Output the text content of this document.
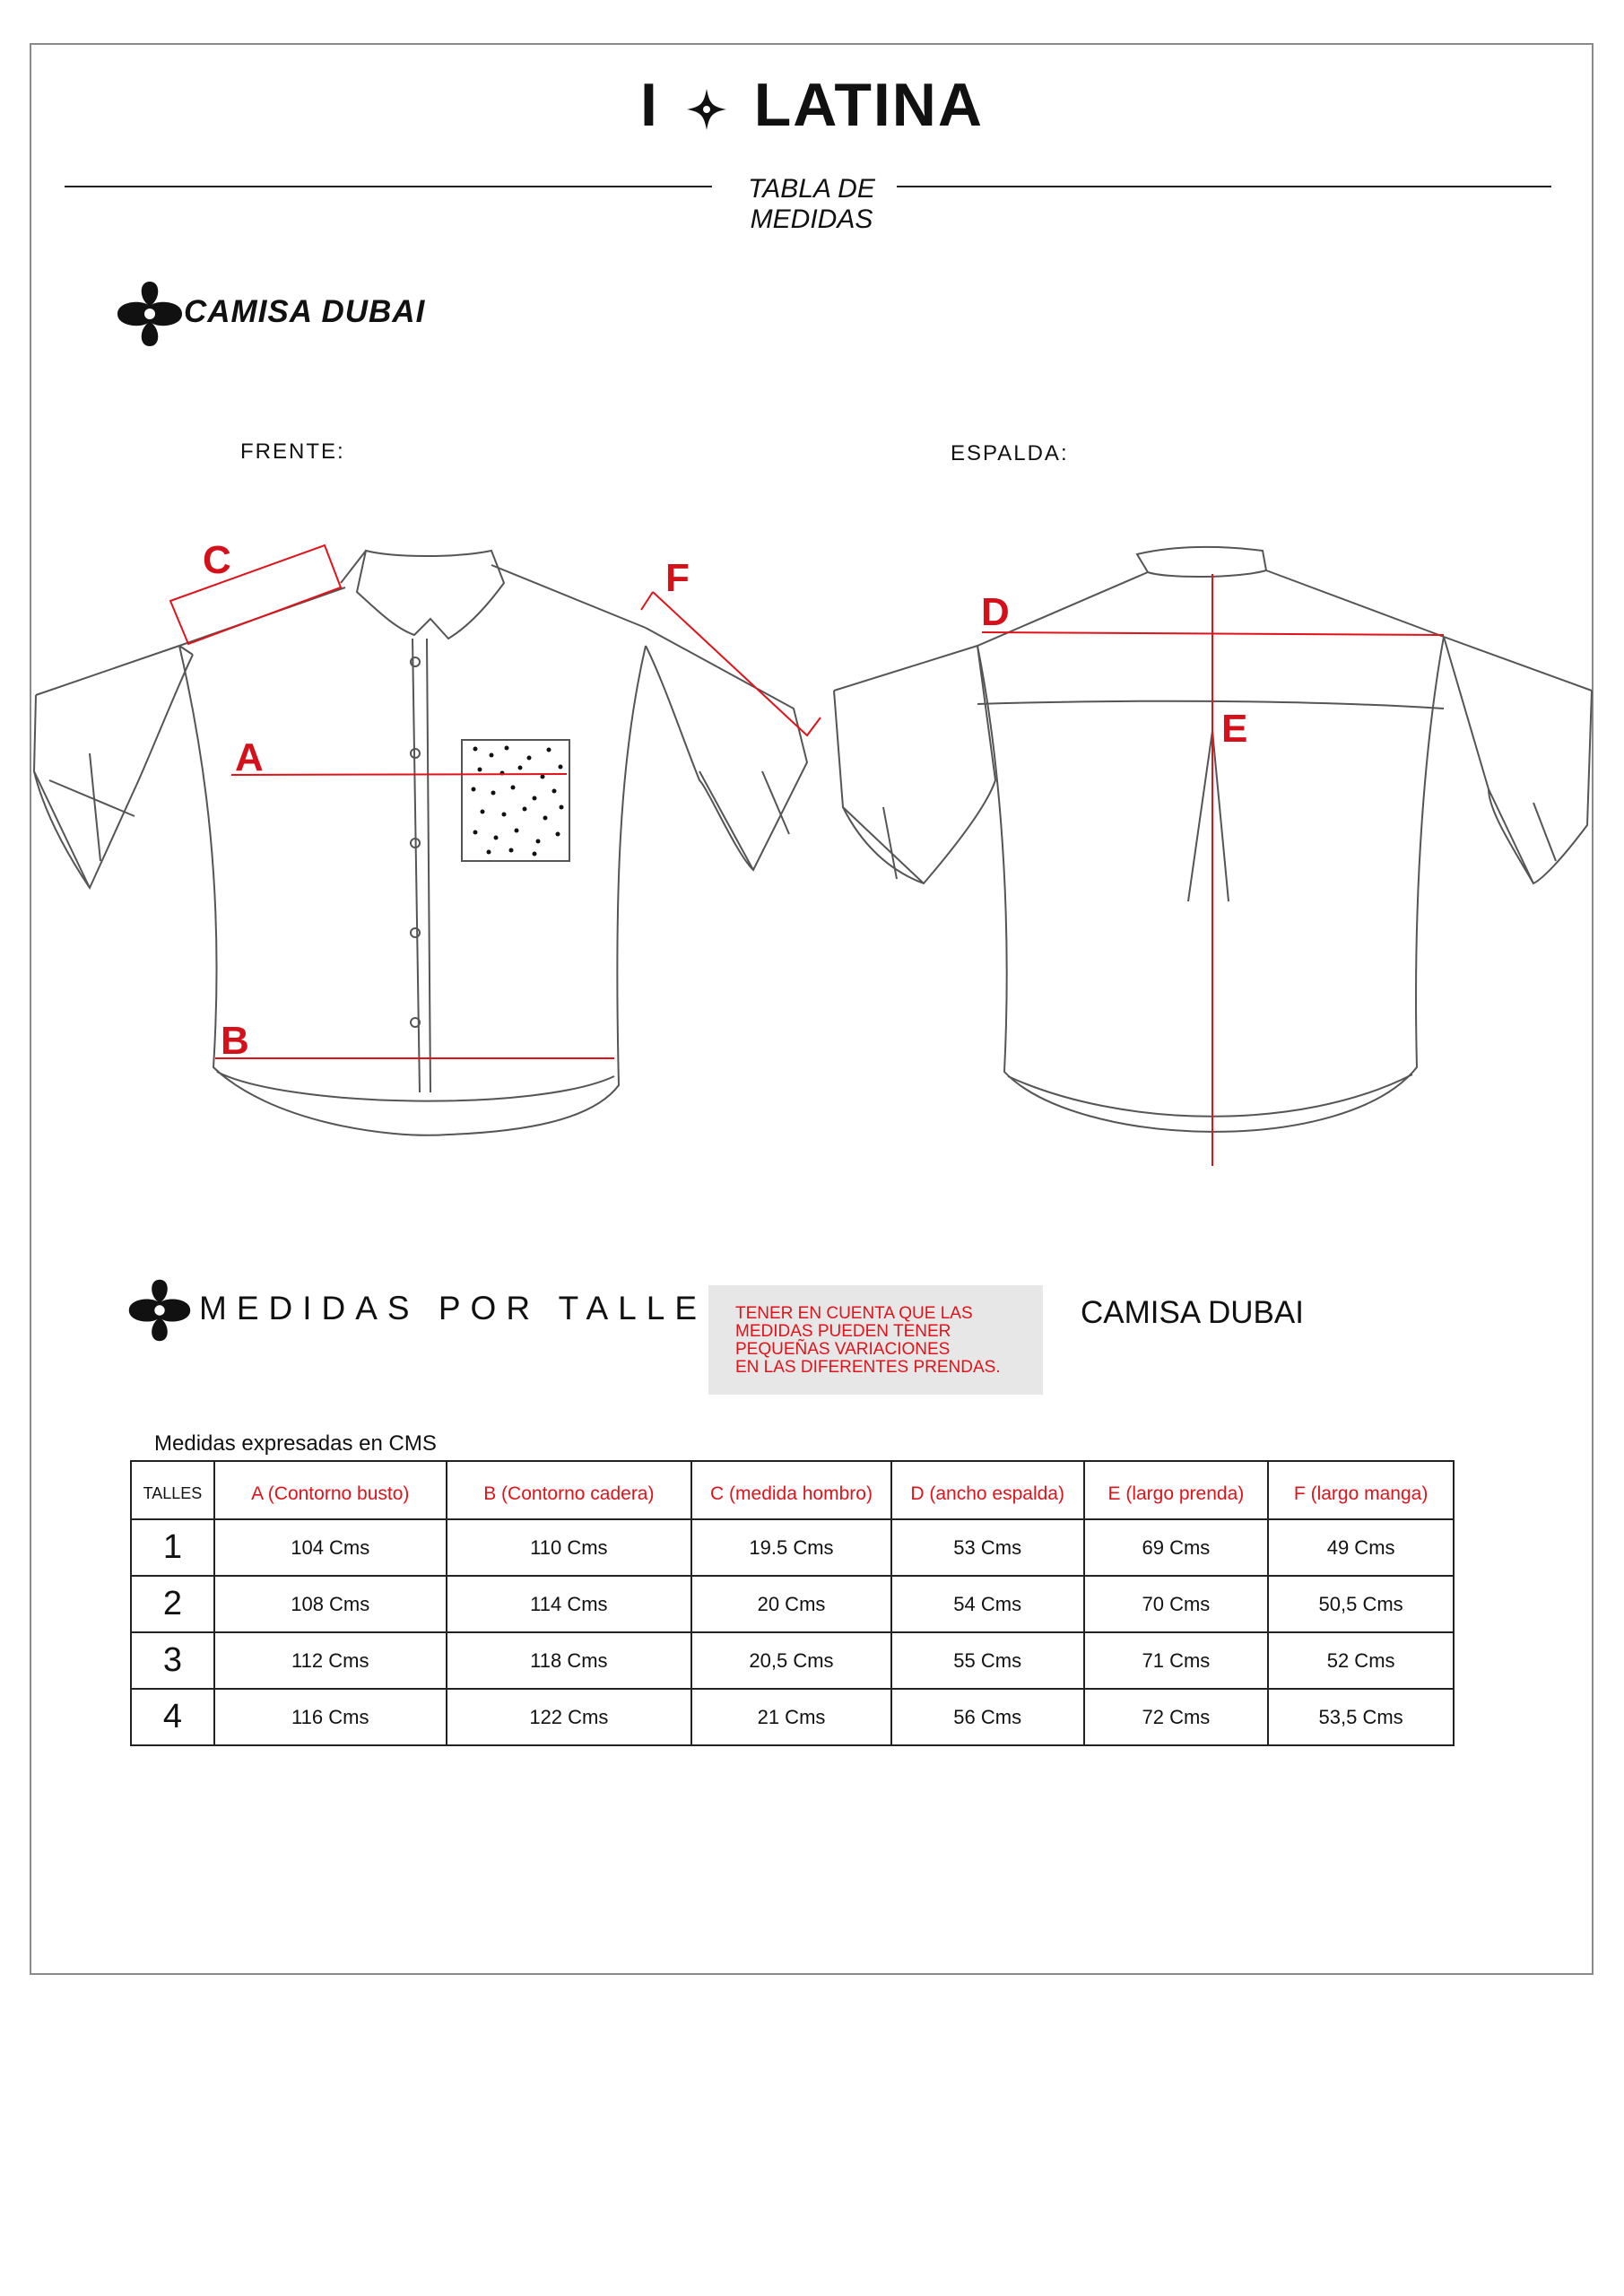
I LATINA
TABLA DE
MEDIDAS
CAMISA DUBAI
FRENTE:	ESPALDA:
C	F
A
B
D
E
MEDIDAS POR TALLE TENER EN CUENTA QUE LAS
MEDIDAS PUEDEN TENER
PEQUEÑAS VARIACIONES
EN LAS DIFERENTES PRENDAS.
CAMISA DUBAI
Medidas expresadas en CMS
TALLES	A (Contorno busto)	B (Contorno cadera)	C (medida hombro)	D (ancho espalda)	E (largo prenda)	F (largo manga)
1	104 Cms	110 Cms	19.5 Cms	53 Cms	69 Cms	49 Cms
2	108 Cms	114 Cms	20 Cms	54 Cms	70 Cms	50,5 Cms
3	112 Cms	118 Cms	20,5 Cms	55 Cms	71 Cms	52 Cms
4	116 Cms	122 Cms	21 Cms	56 Cms	72 Cms	53,5 Cms
